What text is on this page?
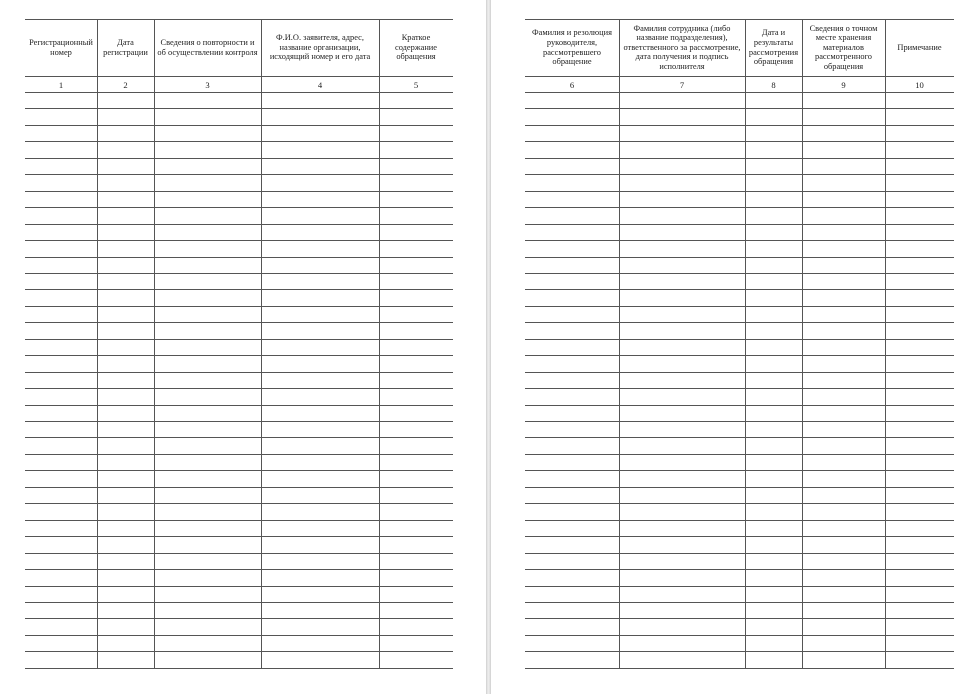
Регистрационный номер
1
Дата регистрации
2
Сведения о повторности и об осуществлении контроля
3
Ф.И.О. заявителя, адрес, название организации, исходящий номер и его дата
4
Краткое содержание обращения
5
Фамилия и резолюция руководителя, рассмотревшего обращение
6
Фамилия сотрудника (либо название подразделения), ответственного за рассмотрение, дата получения и подпись исполнителя
7
Дата и результаты рассмотрения обращения
8
Сведения о точном месте хранения материалов рассмотренного обращения
9
Примечание
10
